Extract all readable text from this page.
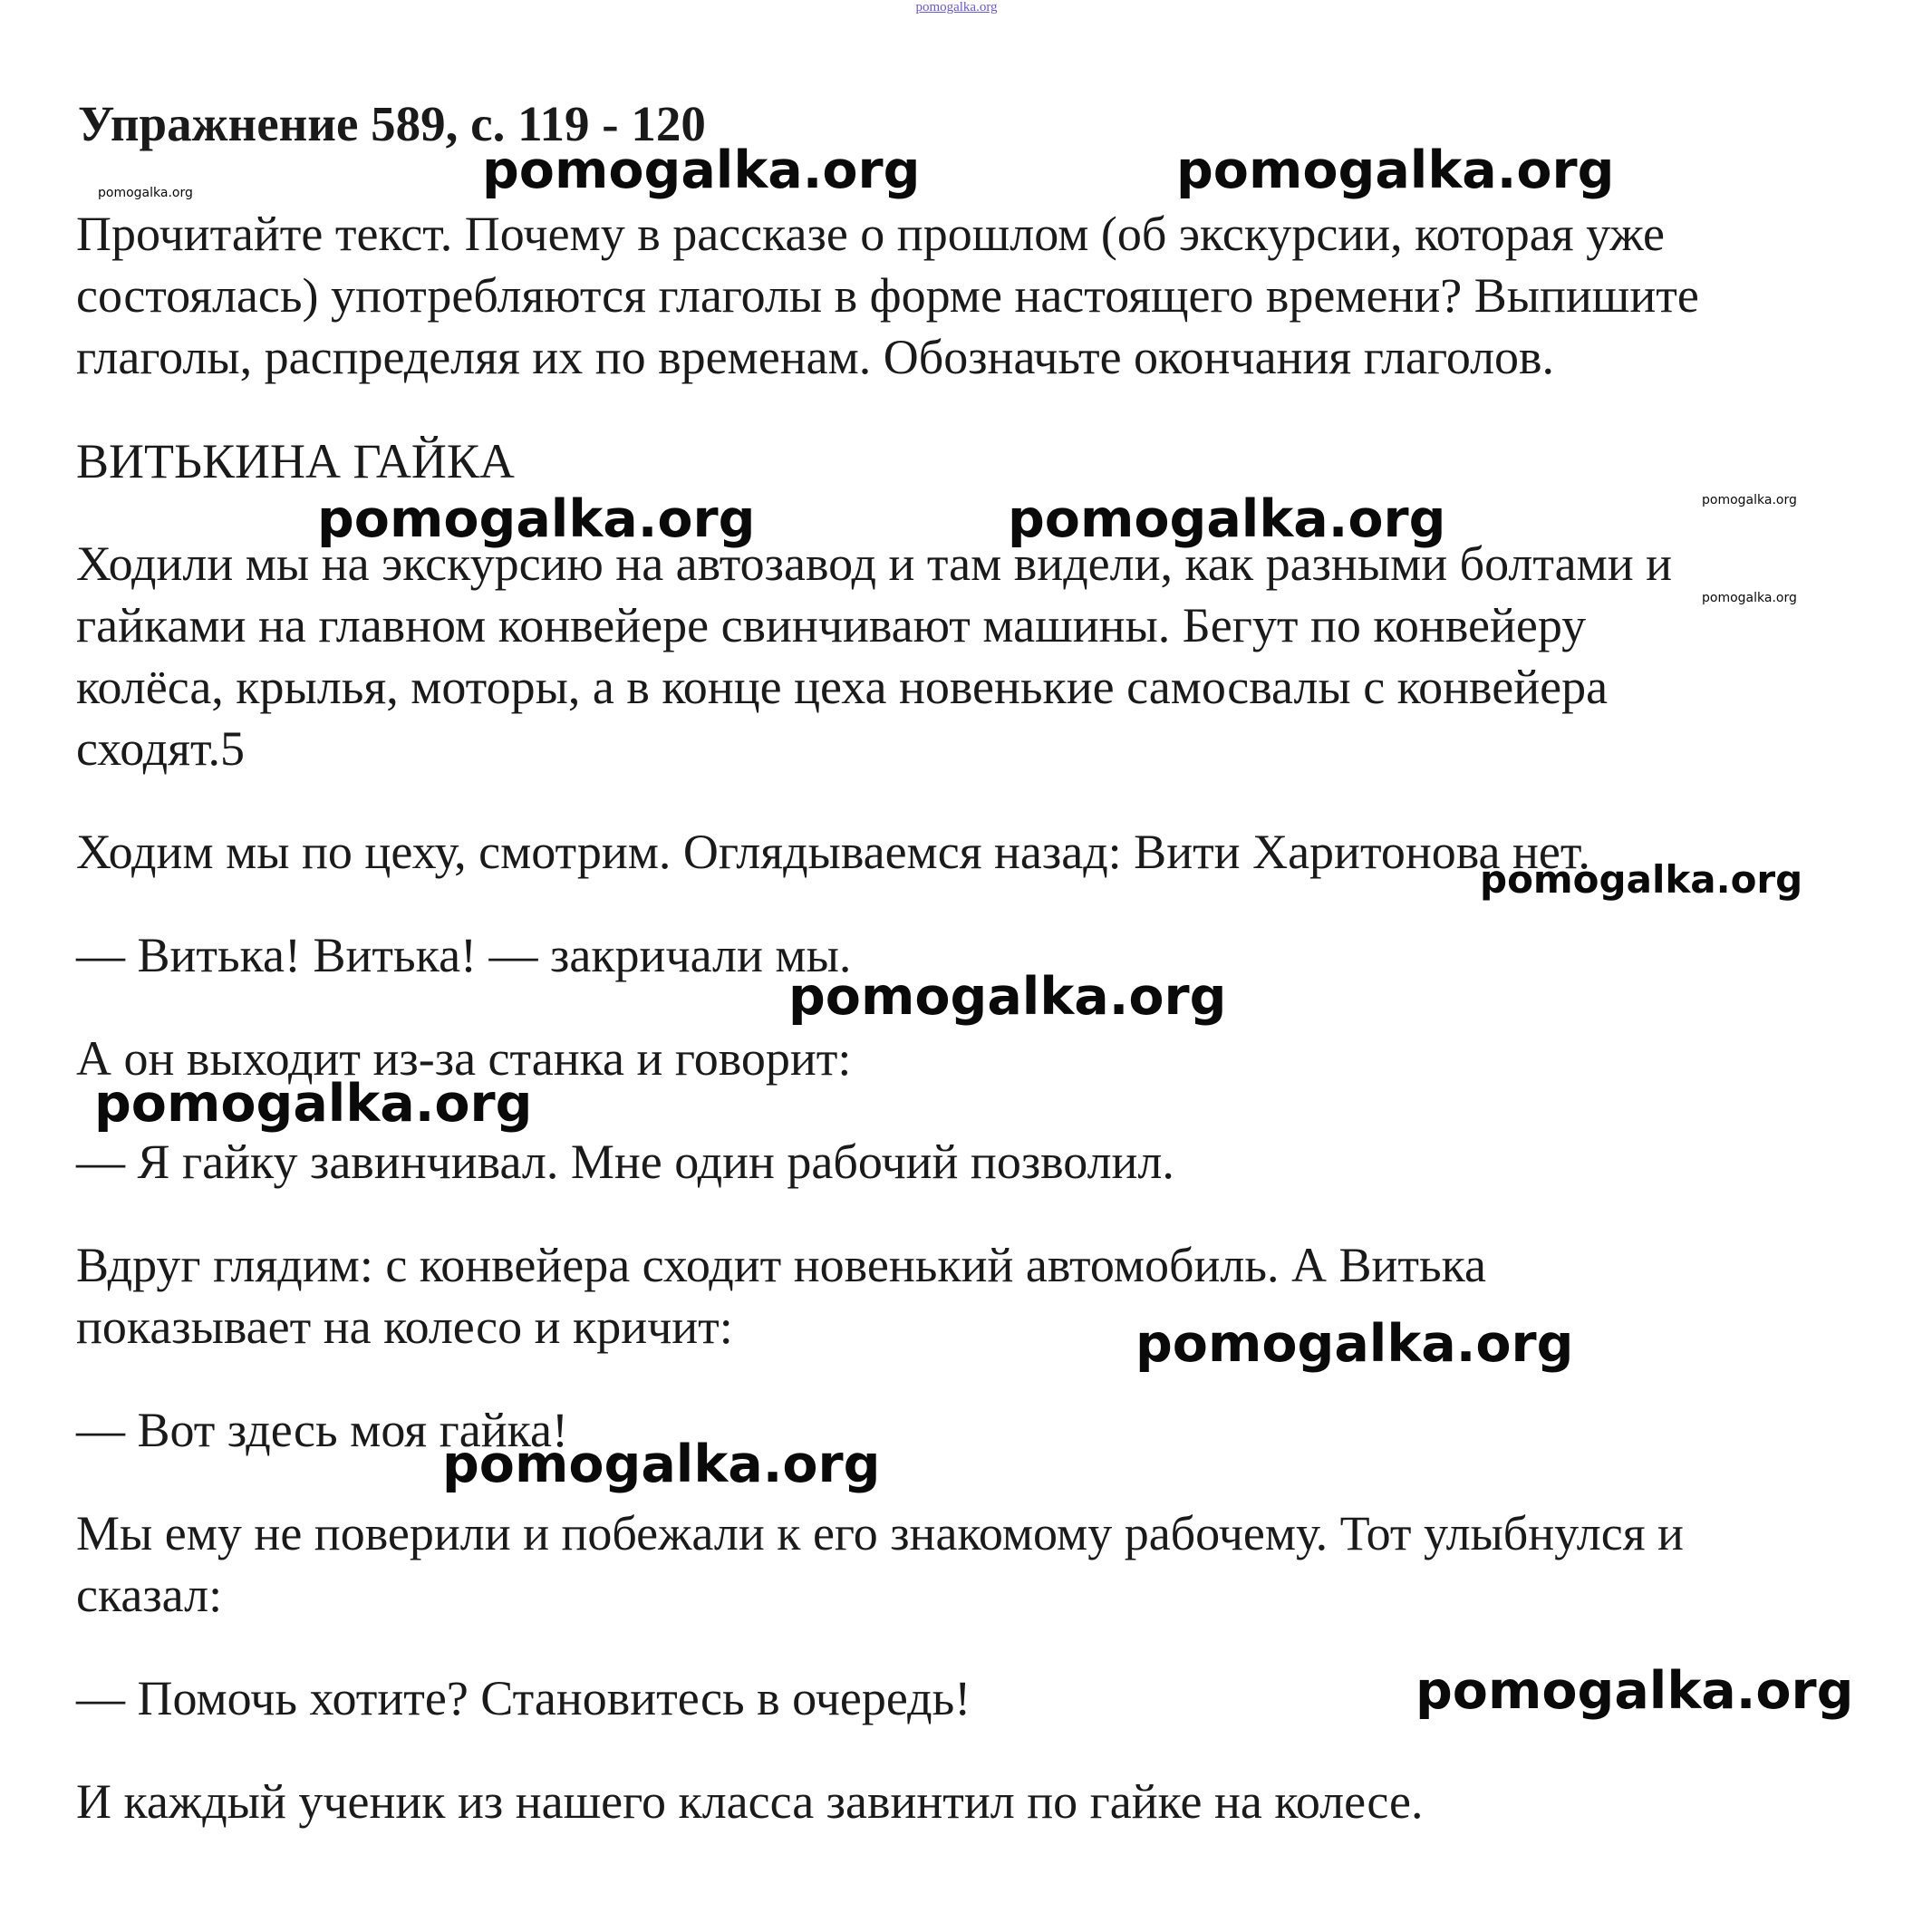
pomogalka.org
Упражнение 589, с. 119 - 120

Прочитайте текст. Почему в рассказе о прошлом (об экскурсии, которая уже

состоялась) употребляются глаголы в форме настоящего времени? Выпишите

глаголы, распределяя их по временам. Обозначьте окончания глаголов.

ВИТЬКИНА ГАЙКА

Ходили мы на экскурсию на автозавод и там видели, как разными болтами и

гайками на главном конвейере свинчивают машины. Бегут по конвейеру

колёса, крылья, моторы, а в конце цеха новенькие самосвалы с конвейера

сходят.5

Ходим мы по цеху, смотрим. Оглядываемся назад: Вити Харитонова нет.

— Витька! Витька! — закричали мы.

А он выходит из-за станка и говорит:

— Я гайку завинчивал. Мне один рабочий позволил.

Вдруг глядим: с конвейера сходит новенький автомобиль. А Витька

показывает на колесо и кричит:

— Вот здесь моя гайка!

Мы ему не поверили и побежали к его знакомому рабочему. Тот улыбнулся и

сказал:

— Помочь хотите? Становитесь в очередь!

И каждый ученик из нашего класса завинтил по гайке на колесе.

pomogalka.org	pomogalka.org	pomogalka.org
pomogalka.org	pomogalka.org	pomogalka.org
pomogalka.org
pomogalka.org
pomogalka.org
pomogalka.org
pomogalka.org
pomogalka.org
pomogalka.org
